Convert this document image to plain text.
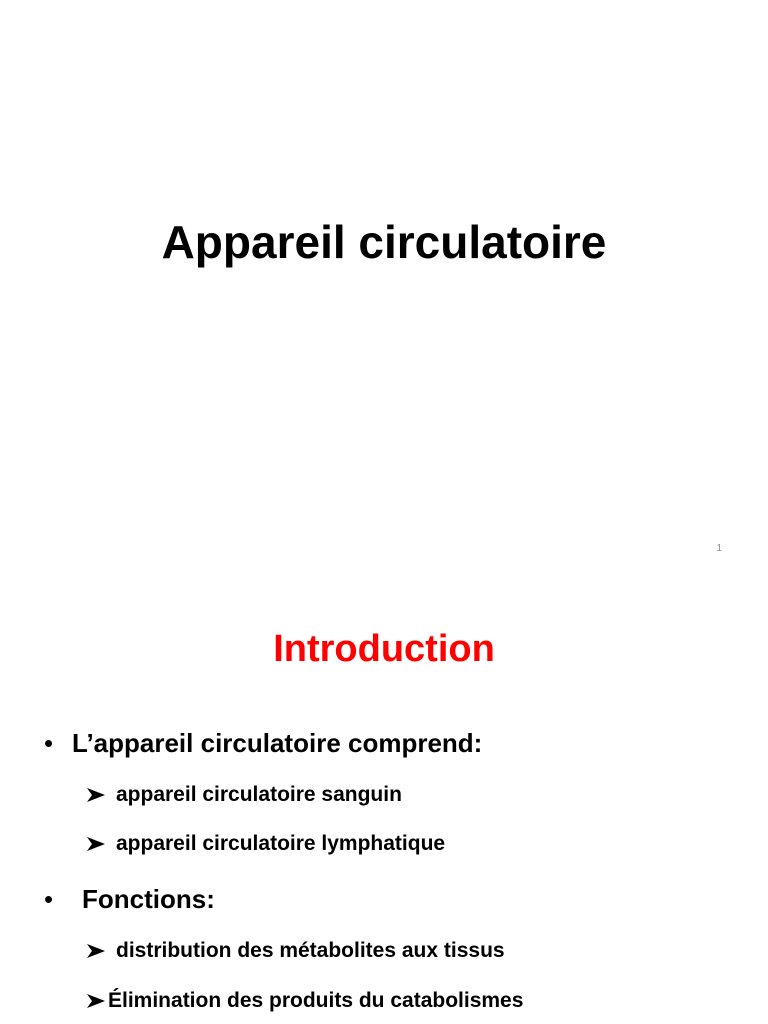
Appareil circulatoire
1
Introduction
• L’appareil circulatoire comprend:
appareil circulatoire sanguin
appareil circulatoire lymphatique
•	Fonctions:
distribution des métabolites aux tissus
Élimination des produits du catabolismes
